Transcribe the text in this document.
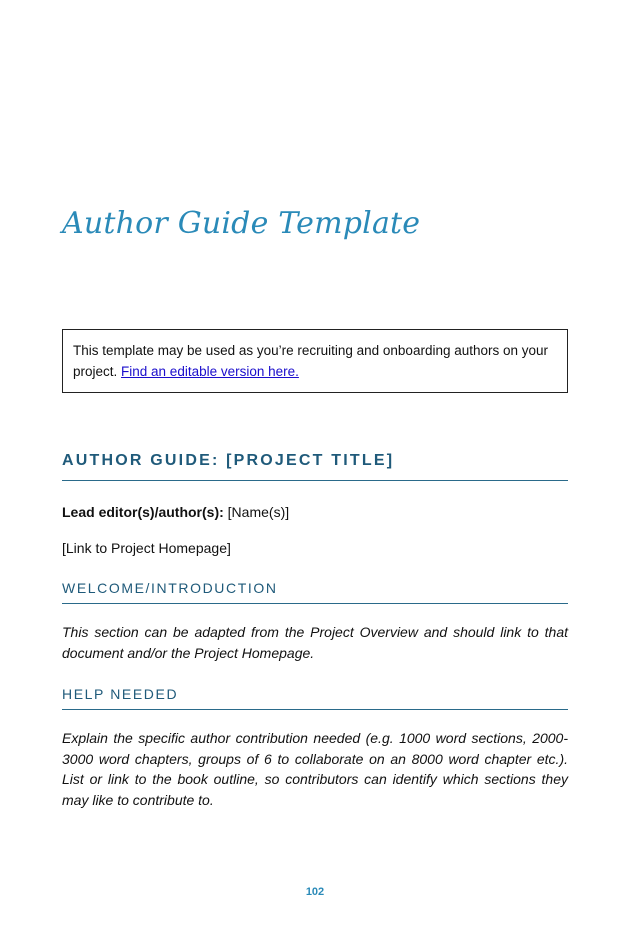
Author Guide Template
This template may be used as you’re recruiting and onboarding authors on your project. Find an editable version here.
AUTHOR GUIDE: [PROJECT TITLE]

Lead editor(s)/author(s): [Name(s)]

[Link to Project Homepage]

WELCOME/INTRODUCTION

This section can be adapted from the Project Overview and should link to that document and/or the Project Homepage.

HELP NEEDED

Explain the specific author contribution needed (e.g. 1000 word sections, 2000-3000 word chapters, groups of 6 to collaborate on an 8000 word chapter etc.). List or link to the book outline, so contributors can identify which sections they may like to contribute to.

102
